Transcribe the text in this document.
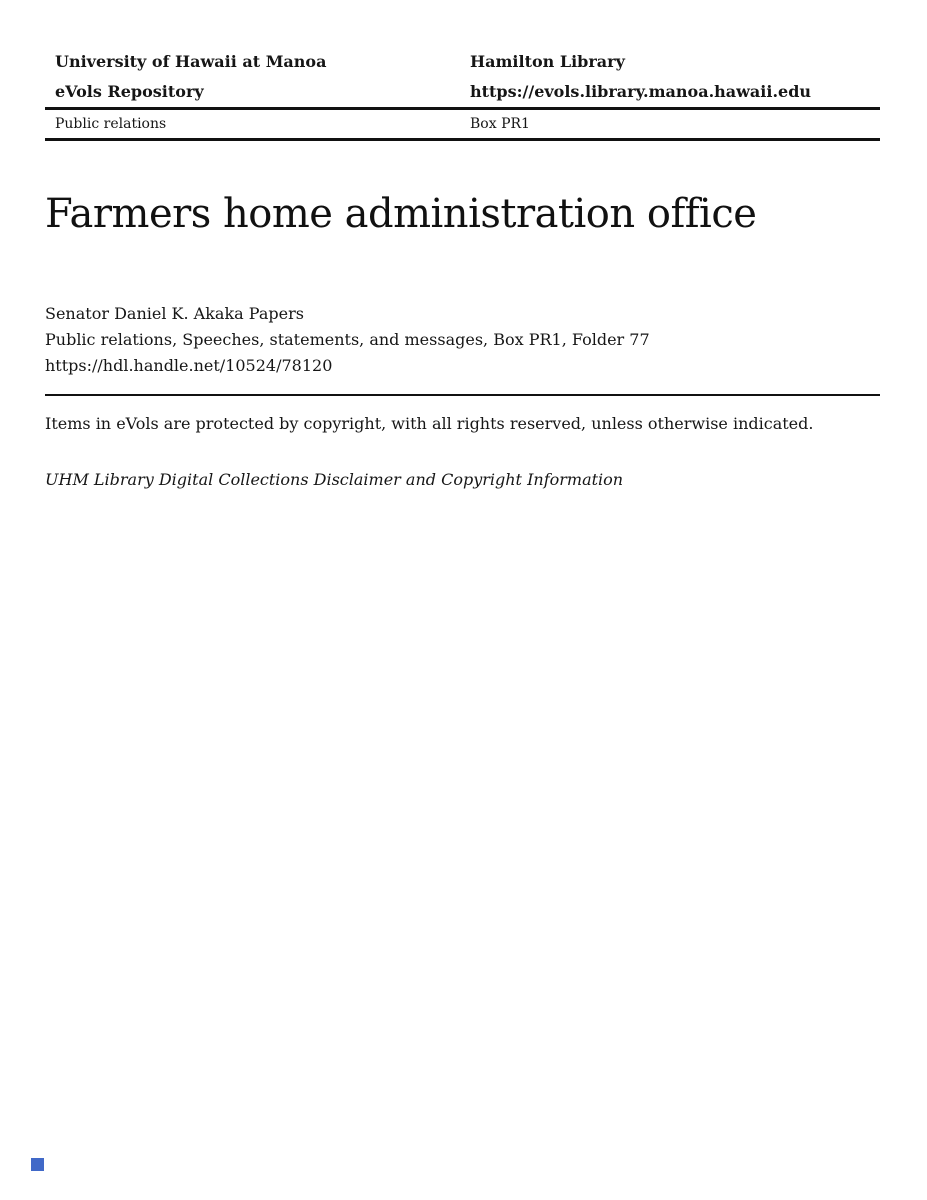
University of Hawaii at Manoa
eVols Repository
Hamilton Library
https://evols.library.manoa.hawaii.edu
Public relations	Box PR1
Farmers home administration office
Senator Daniel K. Akaka Papers
Public relations, Speeches, statements, and messages, Box PR1, Folder 77
https://hdl.handle.net/10524/78120

Items in eVols are protected by copyright, with all rights reserved, unless otherwise indicated.

UHM Library Digital Collections Disclaimer and Copyright Information
